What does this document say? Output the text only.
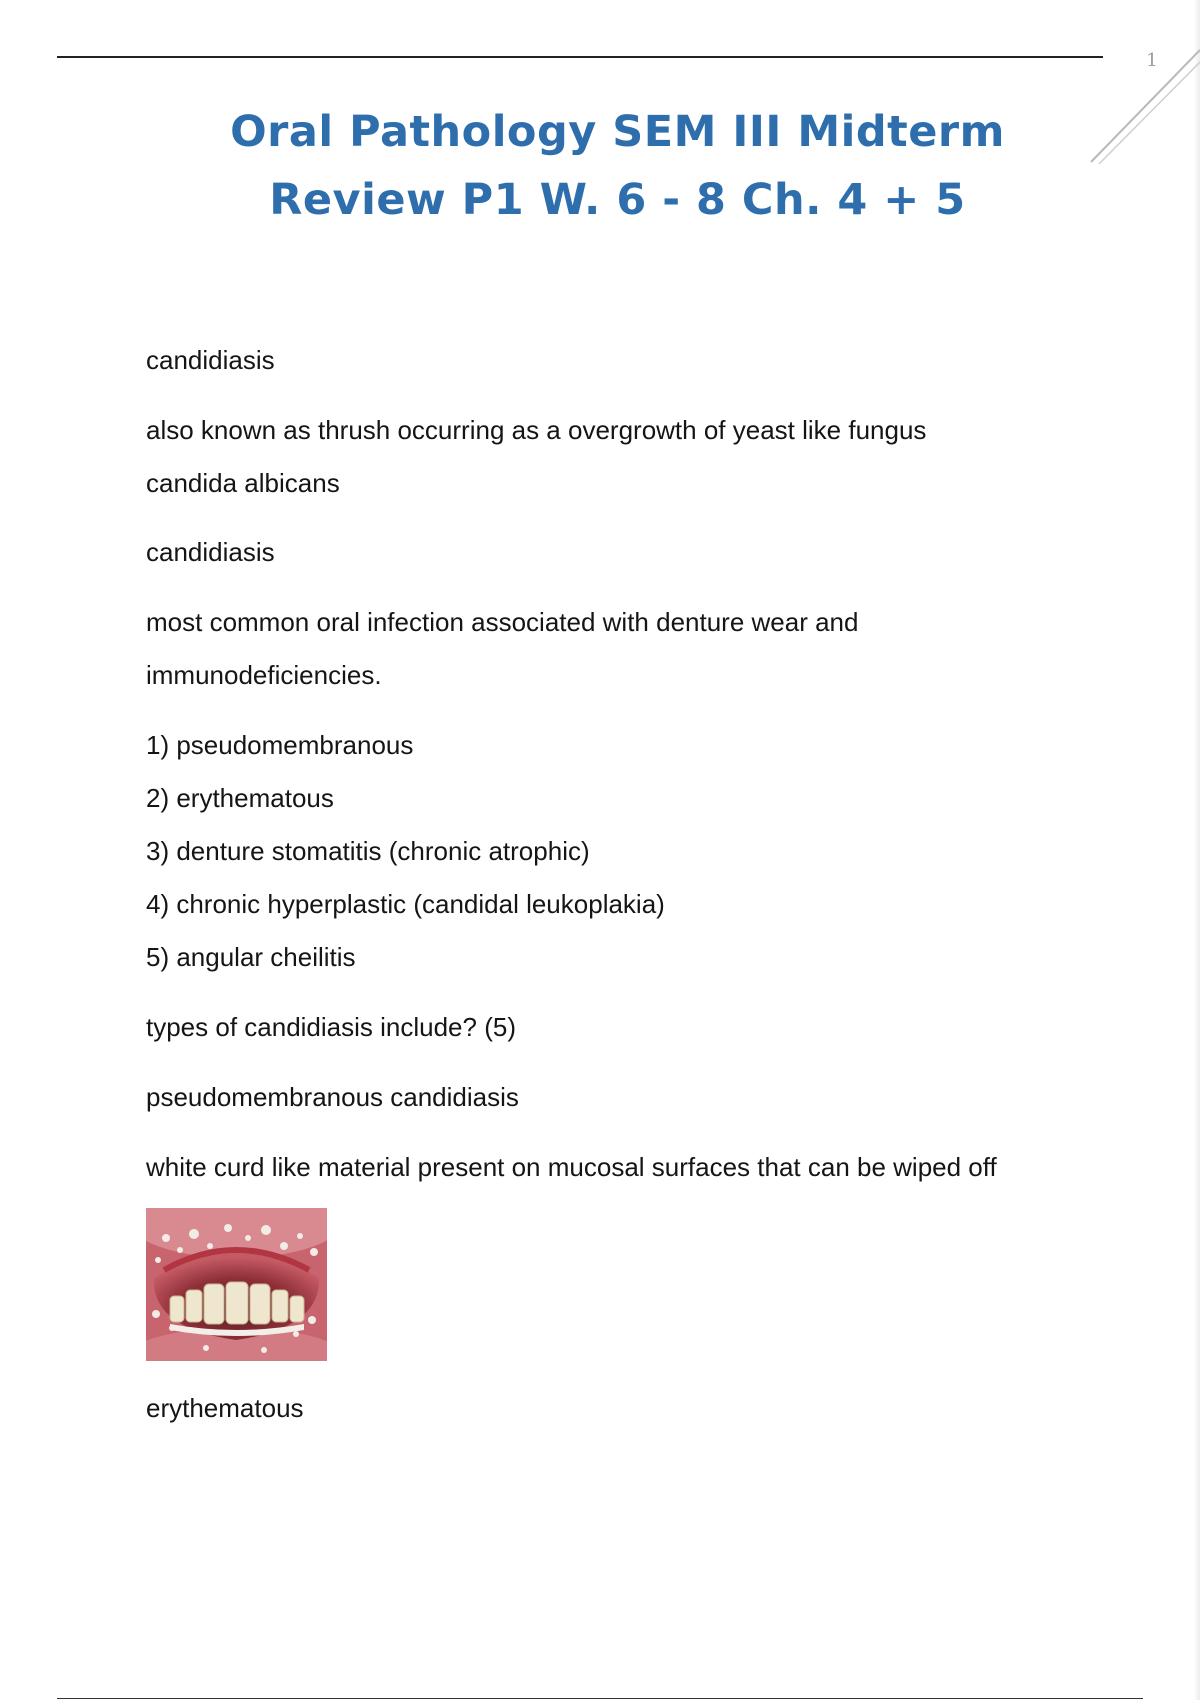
1
Oral Pathology SEM III Midterm
Review P1 W. 6 - 8 Ch. 4 + 5
candidiasis
also known as thrush occurring as a overgrowth of yeast like fungus
candida albicans
candidiasis
most common oral infection associated with denture wear and
immunodeficiencies.
1) pseudomembranous
2) erythematous
3) denture stomatitis (chronic atrophic)
4) chronic hyperplastic (candidal leukoplakia)
5) angular cheilitis
types of candidiasis include? (5)
pseudomembranous candidiasis
white curd like material present on mucosal surfaces that can be wiped off
erythematous
